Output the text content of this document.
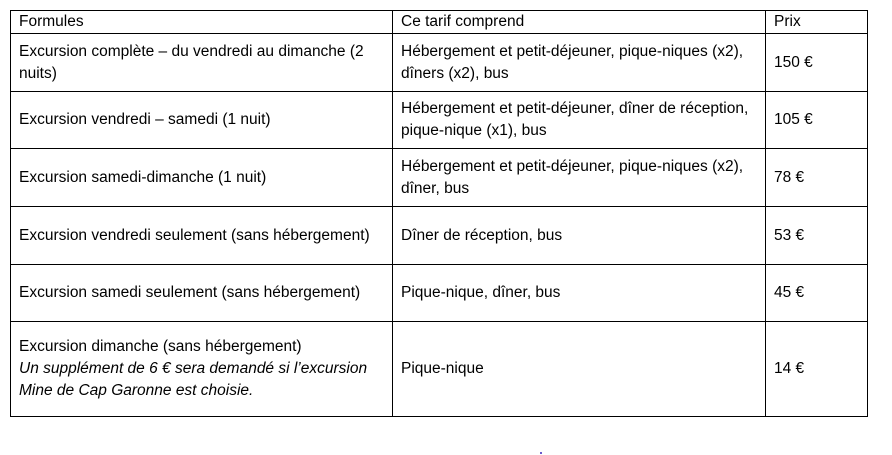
Formules	Ce tarif comprend	Prix
Excursion complète – du vendredi au dimanche (2 nuits)	Hébergement et petit-déjeuner, pique-niques (x2), dîners (x2), bus	150 €
Excursion vendredi – samedi (1 nuit)	Hébergement et petit-déjeuner, dîner de réception, pique-nique (x1), bus	105 €
Excursion samedi-dimanche (1 nuit)	Hébergement et petit-déjeuner, pique-niques (x2), dîner, bus	78 €
Excursion vendredi seulement (sans hébergement)	Dîner de réception, bus	53 €
Excursion samedi seulement (sans hébergement)	Pique-nique, dîner, bus	45 €
Excursion dimanche (sans hébergement)
Un supplément de 6 € sera demandé si l’excursion Mine de Cap Garonne est choisie.	Pique-nique	14 €
